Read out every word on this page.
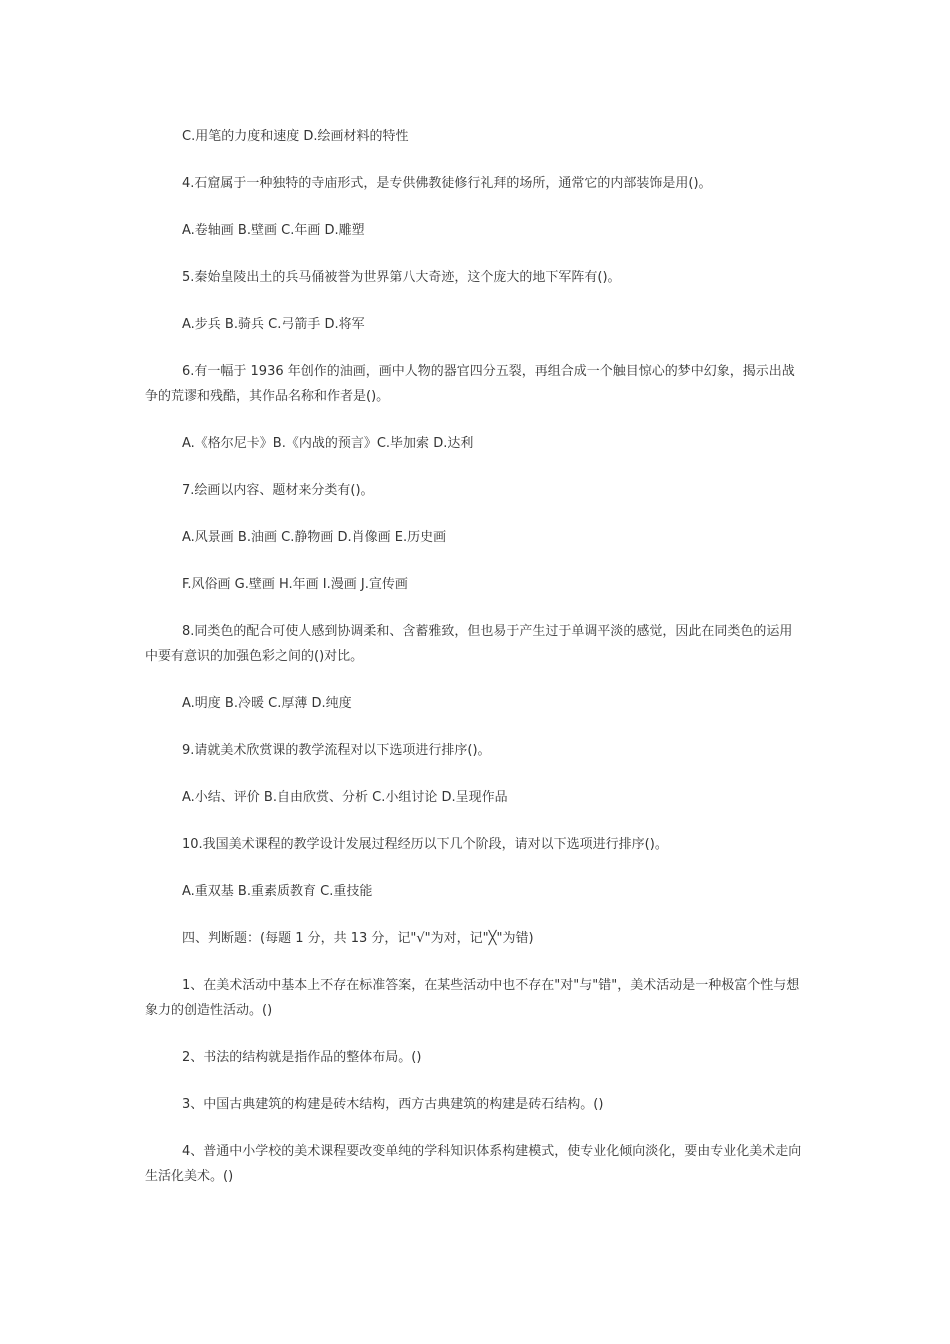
C.用笔的力度和速度 D.绘画材料的特性

4.石窟属于一种独特的寺庙形式，是专供佛教徒修行礼拜的场所，通常它的内部装饰是用()。

A.卷轴画 B.壁画 C.年画 D.雕塑

5.秦始皇陵出土的兵马俑被誉为世界第八大奇迹，这个庞大的地下军阵有()。

A.步兵 B.骑兵 C.弓箭手 D.将军

6.有一幅于 1936 年创作的油画，画中人物的器官四分五裂，再组合成一个触目惊心的梦中幻象，揭示出战争的荒谬和残酷，其作品名称和作者是()。

A.《格尔尼卡》B.《内战的预言》C.毕加索 D.达利

7.绘画以内容、题材来分类有()。

A.风景画 B.油画 C.静物画 D.肖像画 E.历史画

F.风俗画 G.壁画 H.年画 I.漫画 J.宣传画

8.同类色的配合可使人感到协调柔和、含蓄雅致，但也易于产生过于单调平淡的感觉，因此在同类色的运用中要有意识的加强色彩之间的()对比。

A.明度 B.冷暖 C.厚薄 D.纯度

9.请就美术欣赏课的教学流程对以下选项进行排序()。

A.小结、评价 B.自由欣赏、分析 C.小组讨论 D.呈现作品

10.我国美术课程的教学设计发展过程经历以下几个阶段，请对以下选项进行排序()。

A.重双基 B.重素质教育 C.重技能

四、判断题：(每题 1 分，共 13 分，记"√"为对，记"╳"为错)

1、在美术活动中基本上不存在标准答案，在某些活动中也不存在"对"与"错"，美术活动是一种极富个性与想象力的创造性活动。()

2、书法的结构就是指作品的整体布局。()

3、中国古典建筑的构建是砖木结构，西方古典建筑的构建是砖石结构。()

4、普通中小学校的美术课程要改变单纯的学科知识体系构建模式，使专业化倾向淡化，要由专业化美术走向生活化美术。()
